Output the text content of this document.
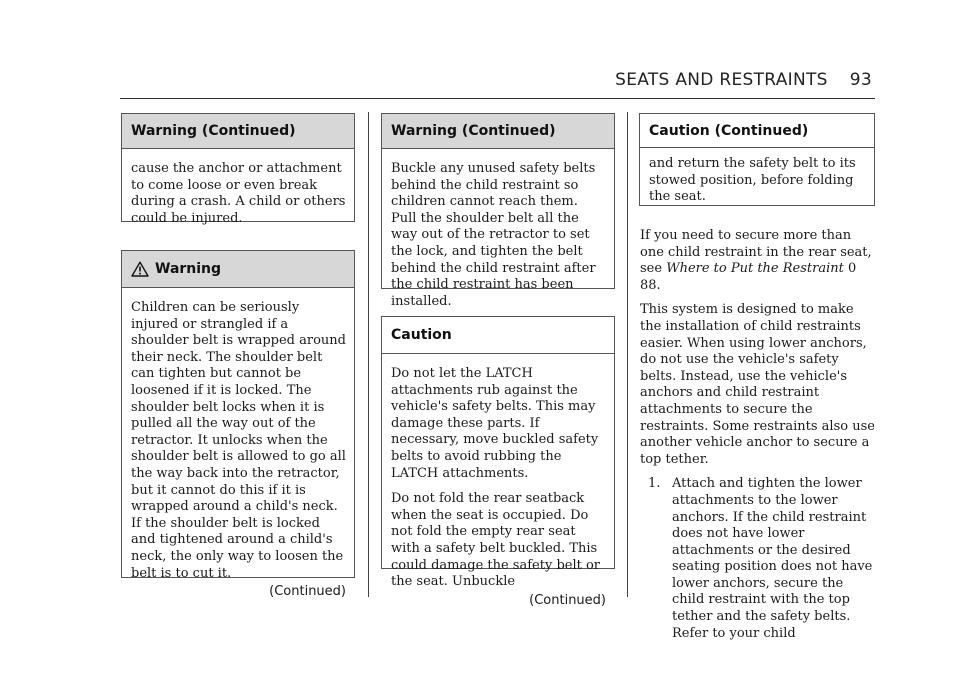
SEATS AND RESTRAINTS 93
Warning (Continued)

cause the anchor or attachment to come loose or even break during a crash. A child or others could be injured.

Warning

Children can be seriously injured or strangled if a shoulder belt is wrapped around their neck. The shoulder belt can tighten but cannot be loosened if it is locked. The shoulder belt locks when it is pulled all the way out of the retractor. It unlocks when the shoulder belt is allowed to go all the way back into the retractor, but it cannot do this if it is wrapped around a child's neck. If the shoulder belt is locked and tightened around a child's neck, the only way to loosen the belt is to cut it.

(Continued)
Warning (Continued)

Buckle any unused safety belts behind the child restraint so children cannot reach them. Pull the shoulder belt all the way out of the retractor to set the lock, and tighten the belt behind the child restraint after the child restraint has been installed.

Caution

Do not let the LATCH attachments rub against the vehicle's safety belts. This may damage these parts. If necessary, move buckled safety belts to avoid rubbing the LATCH attachments.

Do not fold the rear seatback when the seat is occupied. Do not fold the empty rear seat with a safety belt buckled. This could damage the safety belt or the seat. Unbuckle

(Continued)
Caution (Continued)

and return the safety belt to its stowed position, before folding the seat.

If you need to secure more than one child restraint in the rear seat, see Where to Put the Restraint 0 88.

This system is designed to make the installation of child restraints easier. When using lower anchors, do not use the vehicle's safety belts. Instead, use the vehicle's anchors and child restraint attachments to secure the restraints. Some restraints also use another vehicle anchor to secure a top tether.

1. Attach and tighten the lower attachments to the lower anchors. If the child restraint does not have lower attachments or the desired seating position does not have lower anchors, secure the child restraint with the top tether and the safety belts. Refer to your child
